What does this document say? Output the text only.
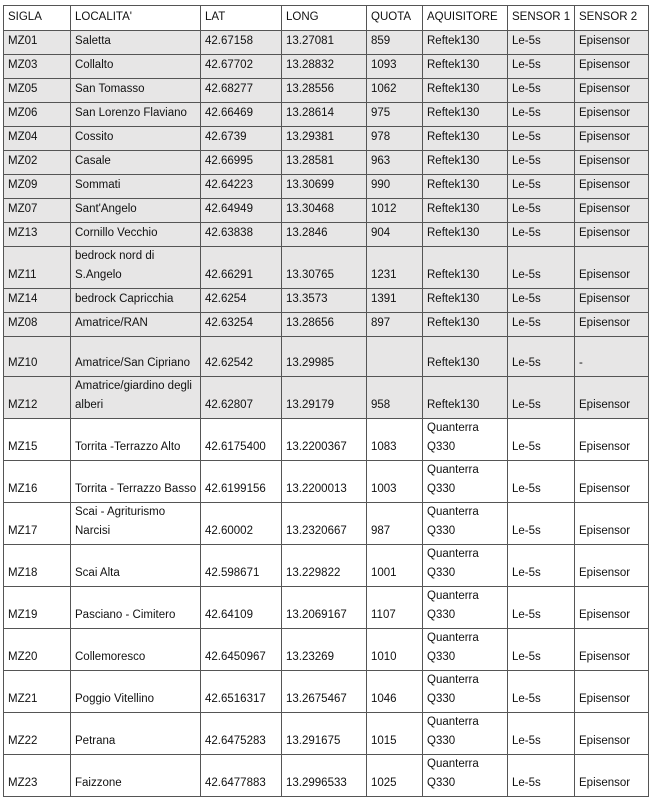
SIGLA	LOCALITA'	LAT	LONG	QUOTA	AQUISITORE	SENSOR 1	SENSOR 2
MZ01	Saletta	42.67158	13.27081	859	Reftek130	Le-5s	Episensor
MZ03	Collalto	42.67702	13.28832	1093	Reftek130	Le-5s	Episensor
MZ05	San Tomasso	42.68277	13.28556	1062	Reftek130	Le-5s	Episensor
MZ06	San Lorenzo Flaviano	42.66469	13.28614	975	Reftek130	Le-5s	Episensor
MZ04	Cossito	42.6739	13.29381	978	Reftek130	Le-5s	Episensor
MZ02	Casale	42.66995	13.28581	963	Reftek130	Le-5s	Episensor
MZ09	Sommati	42.64223	13.30699	990	Reftek130	Le-5s	Episensor
MZ07	Sant'Angelo	42.64949	13.30468	1012	Reftek130	Le-5s	Episensor
MZ13	Cornillo Vecchio	42.63838	13.2846	904	Reftek130	Le-5s	Episensor
MZ11	bedrock nord di S.Angelo	42.66291	13.30765	1231	Reftek130	Le-5s	Episensor
MZ14	bedrock Capricchia	42.6254	13.3573	1391	Reftek130	Le-5s	Episensor
MZ08	Amatrice/RAN	42.63254	13.28656	897	Reftek130	Le-5s	Episensor
MZ10	Amatrice/San Cipriano	42.62542	13.29985		Reftek130	Le-5s	-
MZ12	Amatrice/giardino degli alberi	42.62807	13.29179	958	Reftek130	Le-5s	Episensor
MZ15	Torrita -Terrazzo Alto	42.6175400	13.2200367	1083	Quanterra Q330	Le-5s	Episensor
MZ16	Torrita - Terrazzo Basso	42.6199156	13.2200013	1003	Quanterra Q330	Le-5s	Episensor
MZ17	Scai - Agriturismo Narcisi	42.60002	13.2320667	987	Quanterra Q330	Le-5s	Episensor
MZ18	Scai Alta	42.598671	13.229822	1001	Quanterra Q330	Le-5s	Episensor
MZ19	Pasciano - Cimitero	42.64109	13.2069167	1107	Quanterra Q330	Le-5s	Episensor
MZ20	Collemoresco	42.6450967	13.23269	1010	Quanterra Q330	Le-5s	Episensor
MZ21	Poggio Vitellino	42.6516317	13.2675467	1046	Quanterra Q330	Le-5s	Episensor
MZ22	Petrana	42.6475283	13.291675	1015	Quanterra Q330	Le-5s	Episensor
MZ23	Faizzone	42.6477883	13.2996533	1025	Quanterra Q330	Le-5s	Episensor
